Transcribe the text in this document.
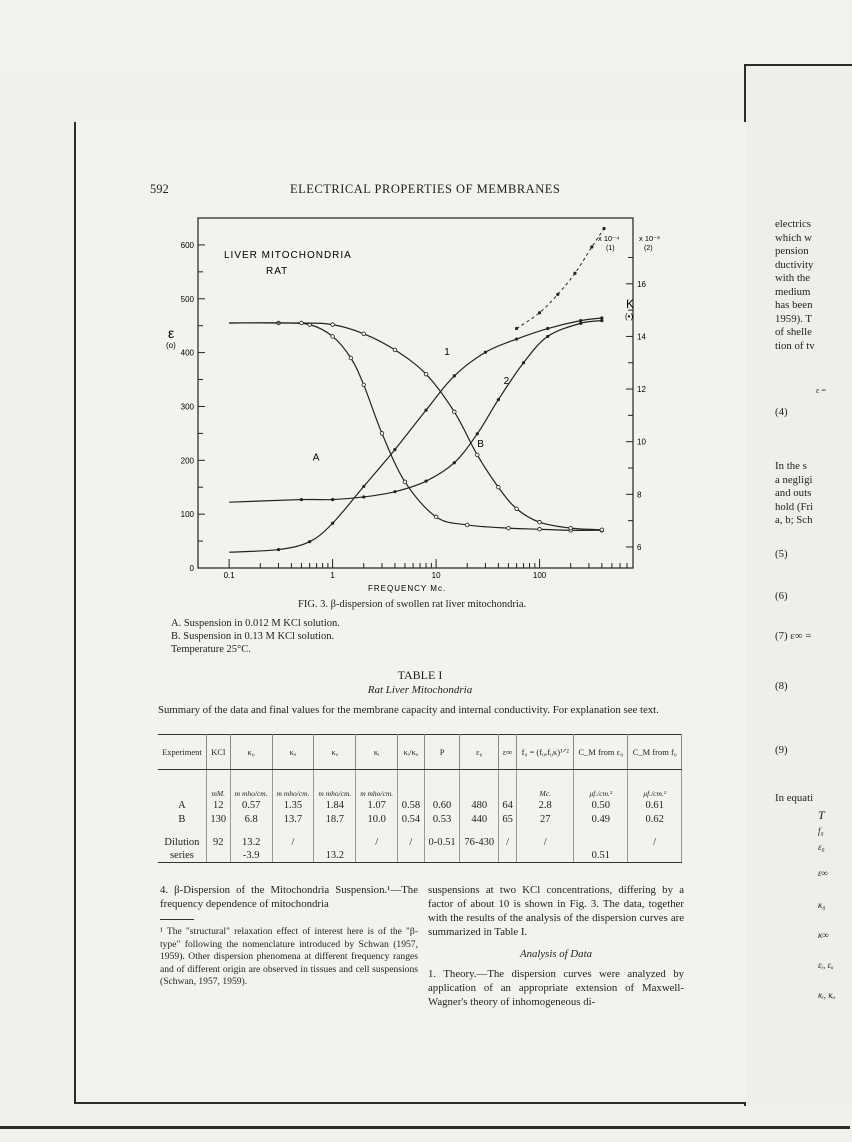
592	ELECTRICAL PROPERTIES OF MEMBRANES
0
100
200
300
400
500
600
6
8
10
12
14
16
0.1	1	10	100
A
B
1
2
LIVER MITOCHONDRIA
RAT
ε
(o)
K
(•)
x 10⁻⁴
(1)
x 10⁻³
(2)
FREQUENCY Mc.
FIG. 3. β-dispersion of swollen rat liver mitochondria.
A. Suspension in 0.012 M KCl solution.
B. Suspension in 0.13 M KCl solution.
Temperature 25°C.
TABLE I
Rat Liver Mitochondria
Summary of the data and final values for the membrane capacity and internal conductivity. For explanation see text.
Experiment	KCl	κ₀	κₐ	κₐ	κᵢ	κᵢ/κₐ	P	ε₀	ε∞	f₀ = (f₀ₑf₀κ)¹ᐟ²	C_M from ε₀	C_M from f₀
	mM.	m mho/cm.	m mho/cm.	m mho/cm.	m mho/cm.					Mc.	μf./cm.²	μf./cm.²
A	12	0.57	1.35	1.84	1.07	0.58	0.60	480	64	2.8	0.50	0.61
B	130	6.8	13.7	18.7	10.0	0.54	0.53	440	65	27	0.49	0.62
Dilution	92	13.2	/		/	/	0-0.51	76-430	/	/		/
series		-3.9		13.2							0.51	
4. β-Dispersion of the Mitochondria Suspension.¹—The frequency dependence of mitochondria
¹ The "structural" relaxation effect of interest here is of the "β-type" following the nomenclature introduced by Schwan (1957, 1959). Other dispersion phenomena at different frequency ranges and of different origin are observed in tissues and cell suspensions (Schwan, 1957, 1959).
suspensions at two KCl concentrations, differing by a factor of about 10 is shown in Fig. 3. The data, together with the results of the analysis of the dispersion curves are summarized in Table I.
Analysis of Data
1. Theory.—The dispersion curves were analyzed by application of an appropriate extension of Maxwell-Wagner's theory of inhomogeneous di-
electrics
which w
pension
ductivity
with the
medium
has been
1959). T
of shelle
tion of tv
ε =
(4)
In the s
a negligi
and outs
hold (Fri
a, b; Sch
(5)
(6)
(7) ε∞ =
(8)
(9)
In equati
T
f₀
ε₀
ε∞
κ₀
κ∞
εᵢ, εₐ
κᵢ, κₐ
